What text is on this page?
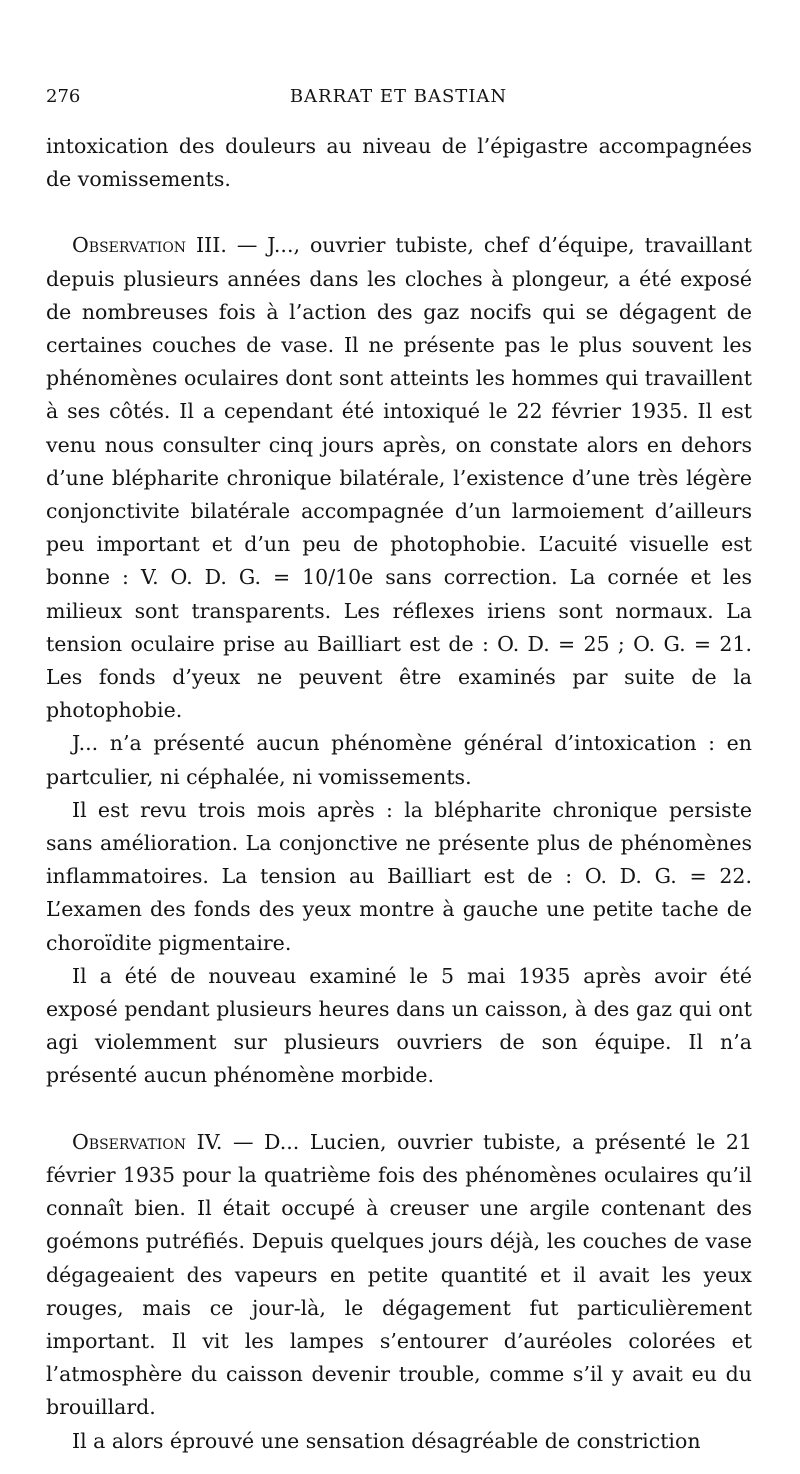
276	BARRAT ET BASTIAN

intoxication des douleurs au niveau de l’épigastre accompagnées de vomissements.

Observation III. — J..., ouvrier tubiste, chef d’équipe, travaillant depuis plusieurs années dans les cloches à plongeur, a été exposé de nombreuses fois à l’action des gaz nocifs qui se dégagent de certaines couches de vase. Il ne présente pas le plus souvent les phénomènes oculaires dont sont atteints les hommes qui travaillent à ses côtés. Il a cependant été intoxiqué le 22 février 1935. Il est venu nous consulter cinq jours après, on constate alors en dehors d’une blépharite chronique bilatérale, l’existence d’une très légère conjonctivite bilatérale accompagnée d’un larmoiement d’ailleurs peu important et d’un peu de photophobie. L’acuité visuelle est bonne : V. O. D. G. = 10/10e sans correction. La cornée et les milieux sont transparents. Les réflexes iriens sont normaux. La tension oculaire prise au Bailliart est de : O. D. = 25 ; O. G. = 21. Les fonds d’yeux ne peuvent être examinés par suite de la photophobie.

J... n’a présenté aucun phénomène général d’intoxication : en partculier, ni céphalée, ni vomissements.

Il est revu trois mois après : la blépharite chronique persiste sans amélioration. La conjonctive ne présente plus de phénomènes inflammatoires. La tension au Bailliart est de : O. D. G. = 22. L’examen des fonds des yeux montre à gauche une petite tache de choroïdite pigmentaire.

Il a été de nouveau examiné le 5 mai 1935 après avoir été exposé pendant plusieurs heures dans un caisson, à des gaz qui ont agi violemment sur plusieurs ouvriers de son équipe. Il n’a présenté aucun phénomène morbide.

Observation IV. — D... Lucien, ouvrier tubiste, a présenté le 21 février 1935 pour la quatrième fois des phénomènes oculaires qu’il connaît bien. Il était occupé à creuser une argile contenant des goémons putréfiés. Depuis quelques jours déjà, les couches de vase dégageaient des vapeurs en petite quantité et il avait les yeux rouges, mais ce jour-là, le dégagement fut particulièrement important. Il vit les lampes s’entourer d’auréoles colorées et l’atmosphère du caisson devenir trouble, comme s’il y avait eu du brouillard.

Il a alors éprouvé une sensation désagréable de constriction
